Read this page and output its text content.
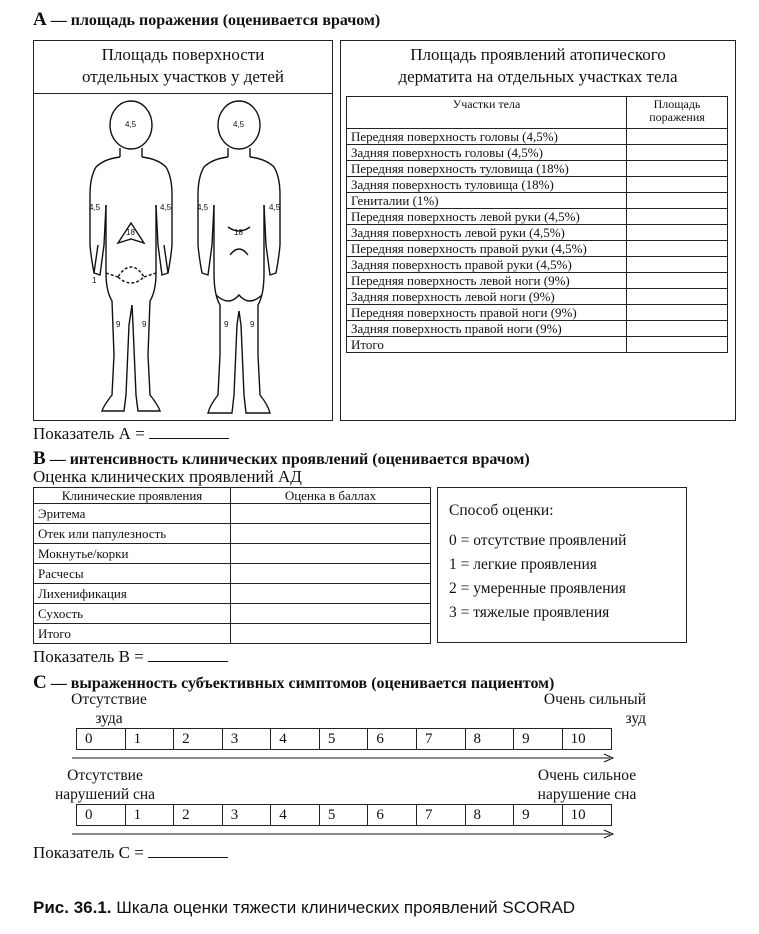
А — площадь поражения (оценивается врачом)
Площадь поверхности
отдельных участков у детей
4,5	4,5
4,5	4,5	4,5	4,5
18	18
1
9	9	9	9
Площадь проявлений атопического
дерматита на отдельных участках тела
Участки тела	Площадь
поражения

Передняя поверхность головы (4,5%)	
Задняя поверхность головы (4,5%)	
Передняя поверхность туловища (18%)	
Задняя поверхность туловища (18%)	
Гениталии (1%)	
Передняя поверхность левой руки (4,5%)	
Задняя поверхность левой руки (4,5%)	
Передняя поверхность правой руки (4,5%)	
Задняя поверхность правой руки (4,5%)	
Передняя поверхность левой ноги (9%)	
Задняя поверхность левой ноги (9%)	
Передняя поверхность правой ноги (9%)	
Задняя поверхность правой ноги (9%)	
Итого	
Показатель А =
В — интенсивность клинических проявлений (оценивается врачом)
Оценка клинических проявлений АД
Клинические проявления	Оценка в баллах
Эритема	
Отек или папулезность	
Мокнутье/корки	
Расчесы	
Лихенификация	
Сухость	
Итого	
Способ оценки:
0 = отсутствие проявлений
1 = легкие проявления
2 = умеренные проявления
3 = тяжелые проявления
Показатель В =
С — выраженность субъективных симптомов (оценивается пациентом)
Отсутствие
зуда
Очень сильный
зуд
0	1	2	3	4	5	6	7	8	9	10
Отсутствие
нарушений сна
Очень сильное
нарушение сна
0	1	2	3	4	5	6	7	8	9	10
Показатель С =
Рис. 36.1. Шкала оценки тяжести клинических проявлений SCORAD
